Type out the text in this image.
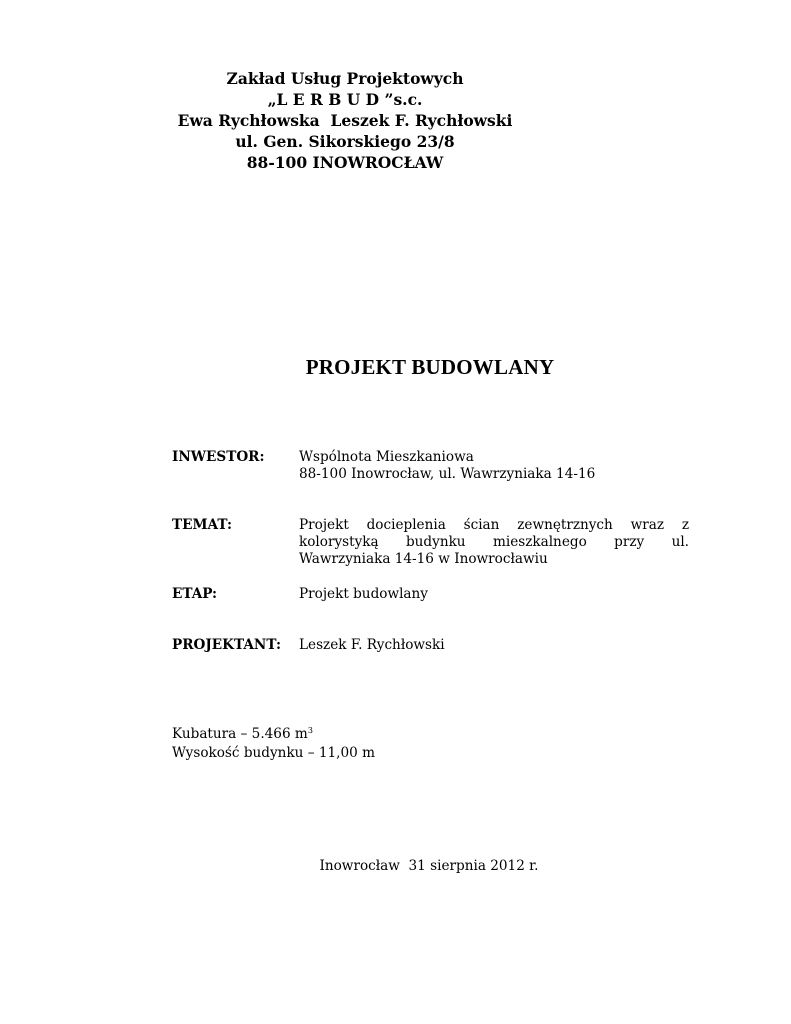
Zakład Usług Projektowych
„L E R B U D ”s.c.
Ewa Rychłowska  Leszek F. Rychłowski
ul. Gen. Sikorskiego 23/8
88-100 INOWROCŁAW
PROJEKT BUDOWLANY
INWESTOR:	Wspólnota Mieszkaniowa
88-100 Inowrocław, ul. Wawrzyniaka 14-16
TEMAT:	Projekt docieplenia ścian zewnętrznych wraz z
kolorystyką budynku mieszkalnego przy ul.
Wawrzyniaka 14-16 w Inowrocławiu
ETAP:	Projekt budowlany
PROJEKTANT: Leszek F. Rychłowski
Kubatura – 5.466 $m^3$
Wysokość budynku – 11,00 m
Inowrocław  31 sierpnia 2012 r.
